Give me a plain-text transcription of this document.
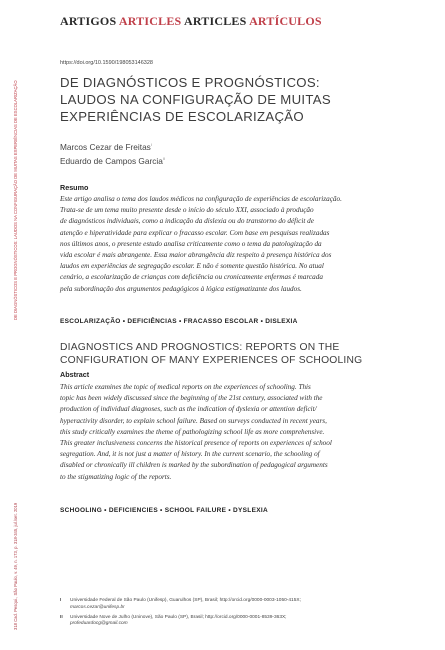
ARTIGOS ARTICLES ARTICLES ARTÍCULOS
DE DIAGNÓSTICOS E PROGNÓSTICOS: LAUDOS NA CONFIGURAÇÃO DE MUITAS EXPERIÊNCIAS DE ESCOLARIZAÇÃO
318 Cad. Pesqui., São Paulo, v. 49, n. 173, p. 318-345, jul./set. 2019
https://doi.org/10.1590/198053146328
DE DIAGNÓSTICOS E PROGNÓSTICOS:
LAUDOS NA CONFIGURAÇÃO DE MUITAS
EXPERIÊNCIAS DE ESCOLARIZAÇÃO
Marcos Cezar de Freitas$^I$
Eduardo de Campos Garcia$^{II}$
Resumo
Este artigo analisa o tema dos laudos médicos na configuração de experiências de escolarização.
Trata-se de um tema muito presente desde o início do século XXI, associado à produção
de diagnósticos individuais, como a indicação da dislexia ou do transtorno do déficit de
atenção e hiperatividade para explicar o fracasso escolar. Com base em pesquisas realizadas
nos últimos anos, o presente estudo analisa criticamente como o tema da patologização da
vida escolar é mais abrangente. Essa maior abrangência diz respeito à presença histórica dos
laudos em experiências de segregação escolar. E não é somente questão histórica. No atual
cenário, a escolarização de crianças com deficiência ou cronicamente enfermas é marcada
pela subordinação dos argumentos pedagógicos à lógica estigmatizante dos laudos.
ESCOLARIZAÇÃO • DEFICIÊNCIAS • FRACASSO ESCOLAR • DISLEXIA
DIAGNOSTICS AND PROGNOSTICS: REPORTS ON THE
CONFIGURATION OF MANY EXPERIENCES OF SCHOOLING
Abstract
This article examines the topic of medical reports on the experiences of schooling. This
topic has been widely discussed since the beginning of the 21st century, associated with the
production of individual diagnoses, such as the indication of dyslexia or attention deficit/
hyperactivity disorder, to explain school failure. Based on surveys conducted in recent years,
this study critically examines the theme of pathologizing school life as more comprehensive.
This greater inclusiveness concerns the historical presence of reports on experiences of school
segregation. And, it is not just a matter of history. In the current scenario, the schooling of
disabled or chronically ill children is marked by the subordination of pedagogical arguments
to the stigmatizing logic of the reports.
SCHOOLING • DEFICIENCIES • SCHOOL FAILURE • DYSLEXIA
I Universidade Federal de São Paulo (Unifesp), Guarulhos (SP), Brasil; http://orcid.org/0000-0003-1050-415X;
marcos.cezar@unifesp.br
II Universidade Nove de Julho (Uninove), São Paulo (SP), Brasil; http://orcid.org/0000-0001-8539-363X;
profeduardocg@gmail.com
